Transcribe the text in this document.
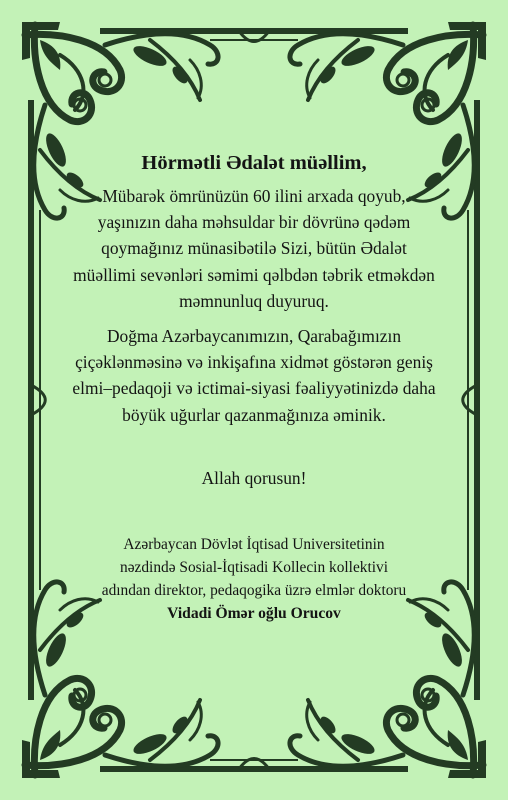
Hörmətli Ədalət müəllim,
Mübarək ömrünüzün 60 ilini arxada qoyub, yaşınızın daha məhsuldar bir dövrünə qədəm qoymağınız münasibətilə Sizi, bütün Ədalət müəllimi sevənləri səmimi qəlbdən təbrik etməkdən məmnunluq duyuruq.
Doğma Azərbaycanımızın, Qarabağımızın çiçəklənməsinə və inkişafına xidmət göstərən geniş elmi–pedaqoji və ictimai-siyasi fəaliyyətinizdə daha böyük uğurlar qazanmağınıza əminik.
Allah qorusun!
Azərbaycan Dövlət İqtisad Universitetinin
nəzdində Sosial-İqtisadi Kollecin kollektivi
adından direktor, pedaqogika üzrə elmlər doktoru
Vidadi Ömər oğlu Orucov
